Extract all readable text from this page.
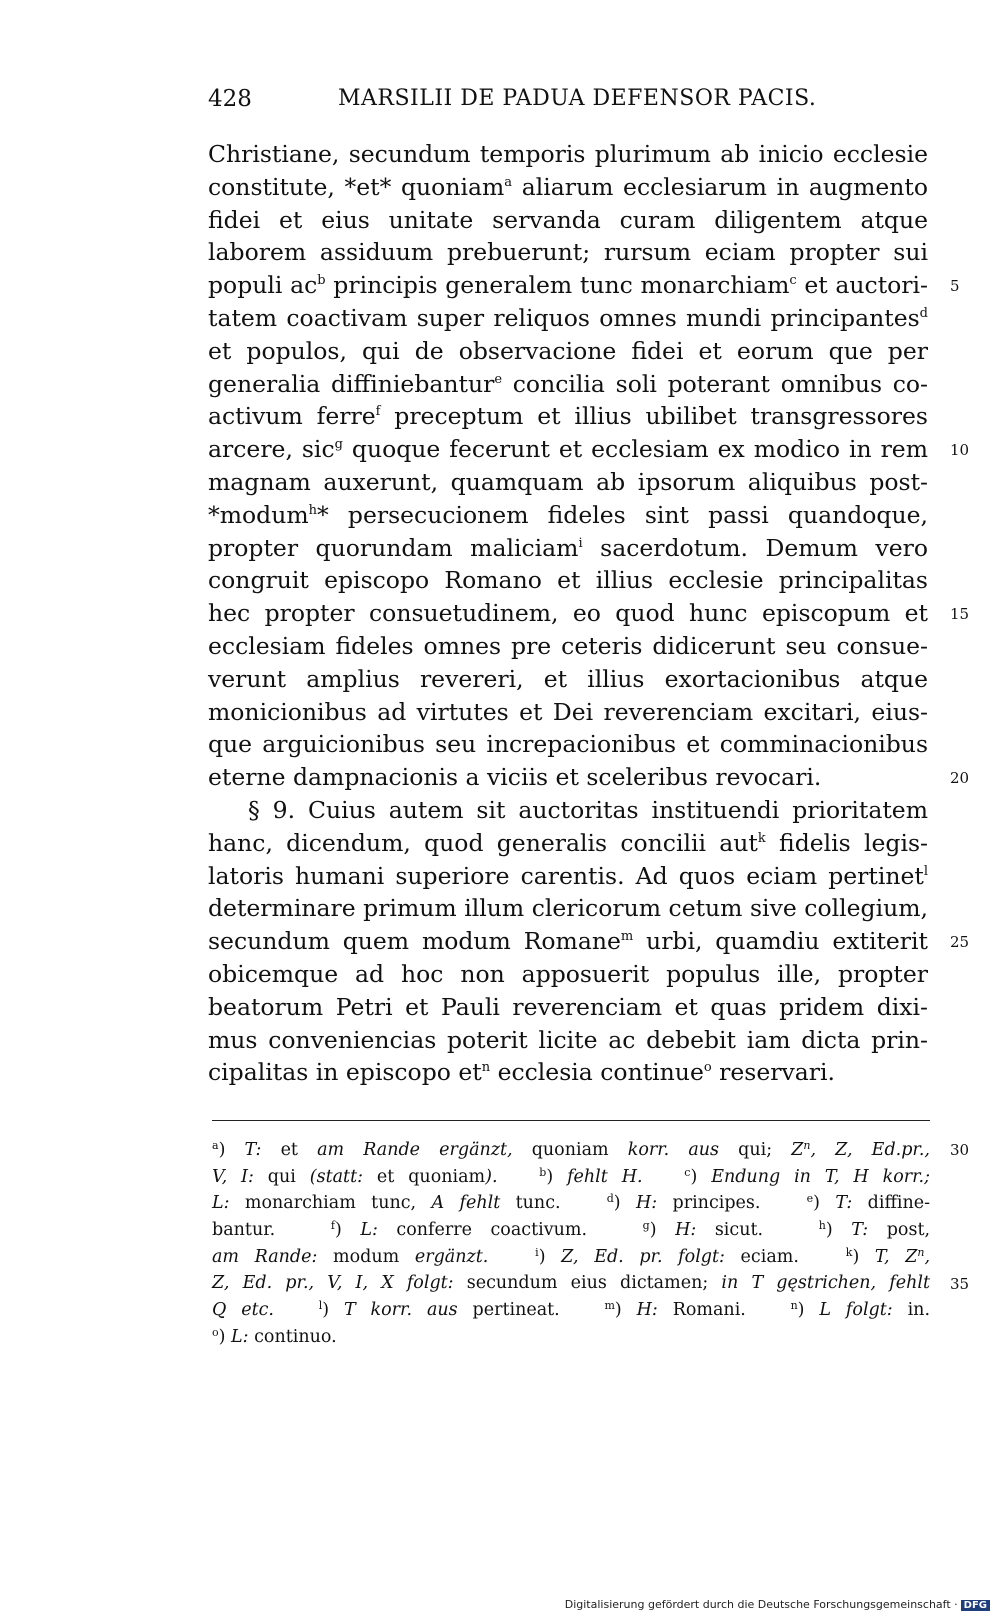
428	MARSILII DE PADUA DEFENSOR PACIS.
Christiane, secundum temporis plurimum ab inicio ecclesie
constitute, *et* quoniam$^a$ aliarum ecclesiarum in augmento
fidei et eius unitate servanda curam diligentem atque
laborem assiduum prebuerunt; rursum eciam propter sui
populi $ac^b$ principis generalem tunc monarchiam$^c$ et auctori-
tatem coactivam super reliquos omnes mundi principantes$^d$
et populos, qui de observacione fidei et eorum que per
generalia diffiniebantur$^e$ concilia soli poterant omnibus co-
activum ferre$^f$ preceptum et illius ubilibet transgressores
arcere, sic$^g$ quoque fecerunt et ecclesiam ex modico in rem
magnam auxerunt, quamquam ab ipsorum aliquibus post-
*modum$^h$* persecucionem fideles sint passi quandoque,
propter quorundam maliciam$^i$ sacerdotum. Demum vero
congruit episcopo Romano et illius ecclesie principalitas
hec propter consuetudinem, eo quod hunc episcopum et
ecclesiam fideles omnes pre ceteris didicerunt seu consue-
verunt amplius revereri, et illius exortacionibus atque
monicionibus ad virtutes et Dei reverenciam excitari, eius-
que arguicionibus seu increpacionibus et comminacionibus
eterne dampnacionis a viciis et sceleribus revocari.
§ 9. Cuius autem sit auctoritas instituendi prioritatem
hanc, dicendum, quod generalis concilii aut$^k$ fidelis legis-
latoris humani superiore carentis. Ad quos eciam pertinet$^l$
determinare primum illum clericorum cetum sive collegium,
secundum quem modum Romane$^m$ urbi, quamdiu extiterit
obicemque ad hoc non apposuerit populus ille, propter
beatorum Petri et Pauli reverenciam et quas pridem dixi-
mus conveniencias poterit licite ac debebit iam dicta prin-
cipalitas in episcopo $et^n$ ecclesia continue$^o$ reservari.
5
10
15
20
25
$^a$) T: et am Rande ergänzt, quoniam korr. aus qui; $Z^n$, Z, Ed.pr.,
V, I: qui (statt: et quoniam).	$^b$) fehlt H.	$^c$) Endung in T, H korr.;
L: monarchiam tunc, A fehlt tunc.   $^d$) H: principes.   $^e$) T: diffine-
bantur.   $^f$) L: conferre coactivum.   $^g$) H: sicut.   $^h$) T: post,
am Rande: modum ergänzt.	$^i$) Z, Ed. pr. folgt: eciam.   $^k$) T, $Z^n$,
Z, Ed. pr., V, I, X folgt: secundum eius dictamen; in T gęstrichen, fehlt
Q etc.	$^l$) T korr. aus pertineat.   $^m$) H: Romani.   $^n$) L folgt: in.
$^o$) L: continuo.
30
35
Digitalisierung gefördert durch die Deutsche Forschungsgemeinschaft · DFG
